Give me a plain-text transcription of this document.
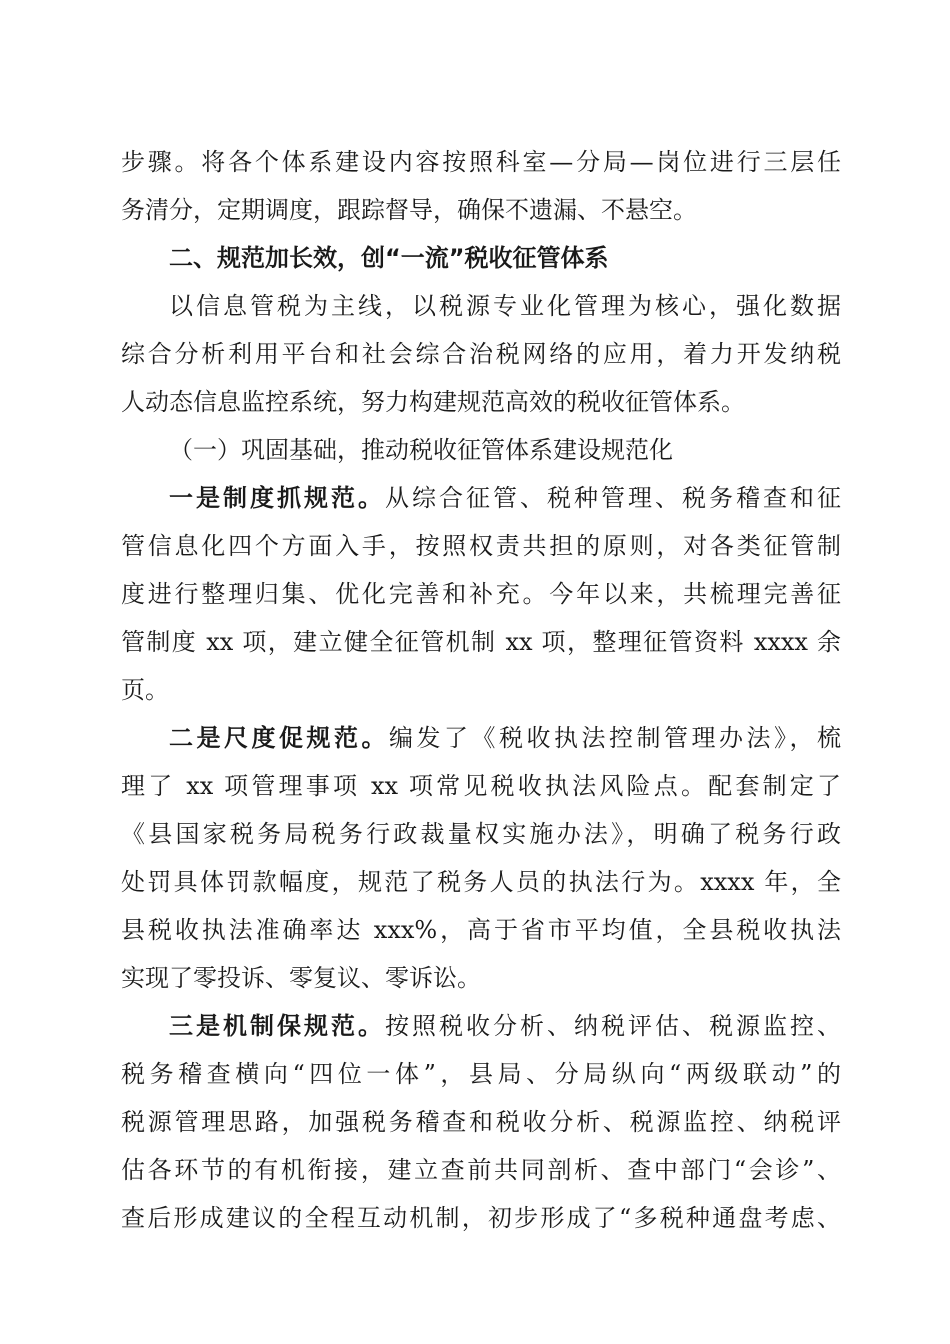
步骤。将各个体系建设内容按照科室—分局—岗位进行三层任
务清分，定期调度，跟踪督导，确保不遗漏、不悬空。
二、规范加长效，创“一流”税收征管体系
以信息管税为主线，以税源专业化管理为核心，强化数据
综合分析利用平台和社会综合治税网络的应用，着力开发纳税
人动态信息监控系统，努力构建规范高效的税收征管体系。
（一）巩固基础，推动税收征管体系建设规范化
一是制度抓规范。从综合征管、税种管理、税务稽查和征
管信息化四个方面入手，按照权责共担的原则，对各类征管制
度进行整理归集、优化完善和补充。今年以来，共梳理完善征
管制度 xx 项，建立健全征管机制 xx 项，整理征管资料 xxxx 余
页。
二是尺度促规范。编发了《税收执法控制管理办法》，梳
理了 xx 项管理事项 xx 项常见税收执法风险点。配套制定了
《县国家税务局税务行政裁量权实施办法》，明确了税务行政
处罚具体罚款幅度，规范了税务人员的执法行为。xxxx 年，全
县税收执法准确率达 xxx%，高于省市平均值，全县税收执法
实现了零投诉、零复议、零诉讼。
三是机制保规范。按照税收分析、纳税评估、税源监控、
税务稽查横向“四位一体”，县局、分局纵向“两级联动”的
税源管理思路，加强税务稽查和税收分析、税源监控、纳税评
估各环节的有机衔接，建立查前共同剖析、查中部门“会诊”、
查后形成建议的全程互动机制，初步形成了“多税种通盘考虑、
